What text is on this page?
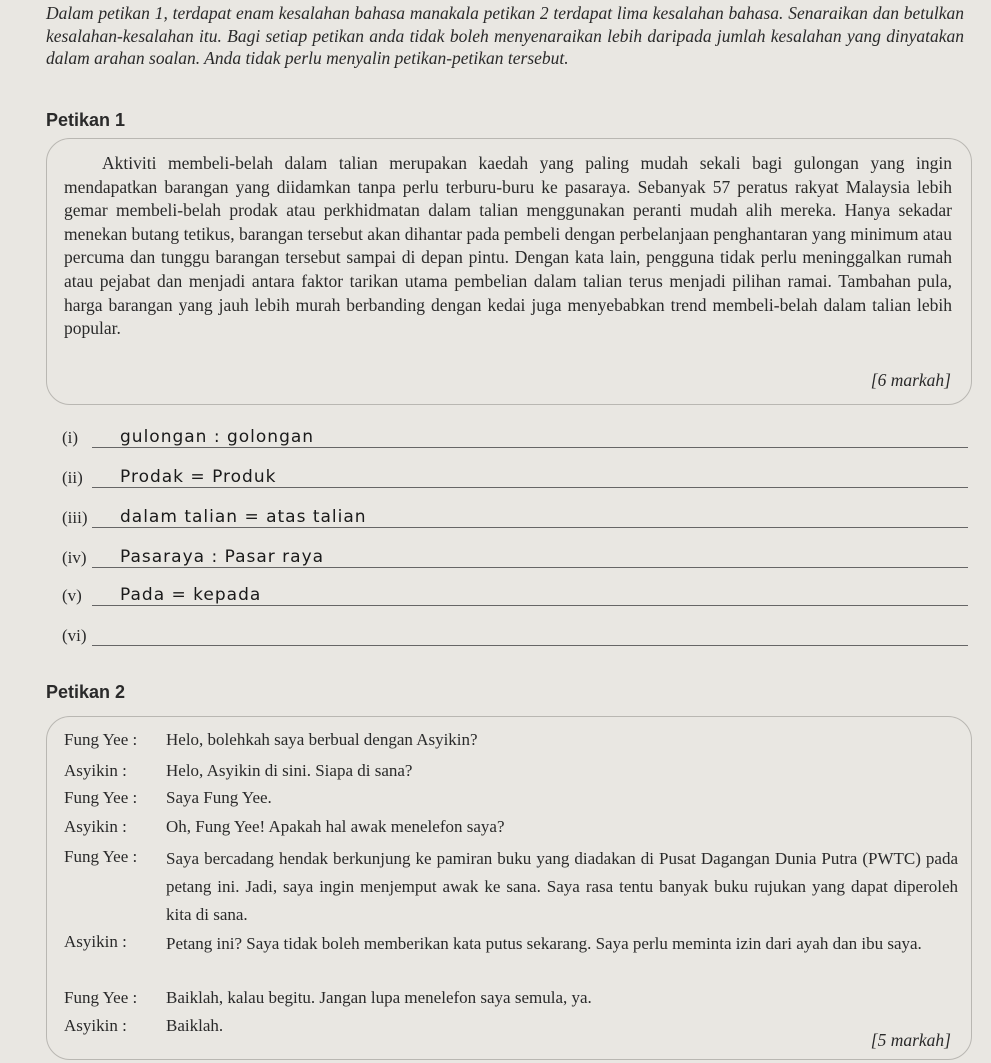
Dalam petikan 1, terdapat enam kesalahan bahasa manakala petikan 2 terdapat lima kesalahan bahasa. Senaraikan dan betulkan kesalahan-kesalahan itu. Bagi setiap petikan anda tidak boleh menyenaraikan lebih daripada jumlah kesalahan yang dinyatakan dalam arahan soalan. Anda tidak perlu menyalin petikan-petikan tersebut.
Petikan 1
Aktiviti membeli-belah dalam talian merupakan kaedah yang paling mudah sekali bagi gulongan yang ingin mendapatkan barangan yang diidamkan tanpa perlu terburu-buru ke pasaraya. Sebanyak 57 peratus rakyat Malaysia lebih gemar membeli-belah prodak atau perkhidmatan dalam talian menggunakan peranti mudah alih mereka. Hanya sekadar menekan butang tetikus, barangan tersebut akan dihantar pada pembeli dengan perbelanjaan penghantaran yang minimum atau percuma dan tunggu barangan tersebut sampai di depan pintu. Dengan kata lain, pengguna tidak perlu meninggalkan rumah atau pejabat dan menjadi antara faktor tarikan utama pembelian dalam talian terus menjadi pilihan ramai. Tambahan pula, harga barangan yang jauh lebih murah berbanding dengan kedai juga menyebabkan trend membeli-belah dalam talian lebih popular.
[6 markah]
(i) gulongan : golongan
(ii) Prodak = Produk
(iii) dalam talian = atas talian
(iv) Pasaraya : Pasar raya
(v) Pada = kepada
(vi)
Petikan 2
Fung Yee : Helo, bolehkah saya berbual dengan Asyikin?
Asyikin : Helo, Asyikin di sini. Siapa di sana?
Fung Yee : Saya Fung Yee.
Asyikin : Oh, Fung Yee! Apakah hal awak menelefon saya?
Fung Yee : Saya bercadang hendak berkunjung ke pamiran buku yang diadakan di Pusat Dagangan Dunia Putra (PWTC) pada petang ini. Jadi, saya ingin menjemput awak ke sana. Saya rasa tentu banyak buku rujukan yang dapat diperoleh kita di sana.
Asyikin : Petang ini? Saya tidak boleh memberikan kata putus sekarang. Saya perlu meminta izin dari ayah dan ibu saya.
Fung Yee : Baiklah, kalau begitu. Jangan lupa menelefon saya semula, ya.
Asyikin : Baiklah.
[5 markah]
